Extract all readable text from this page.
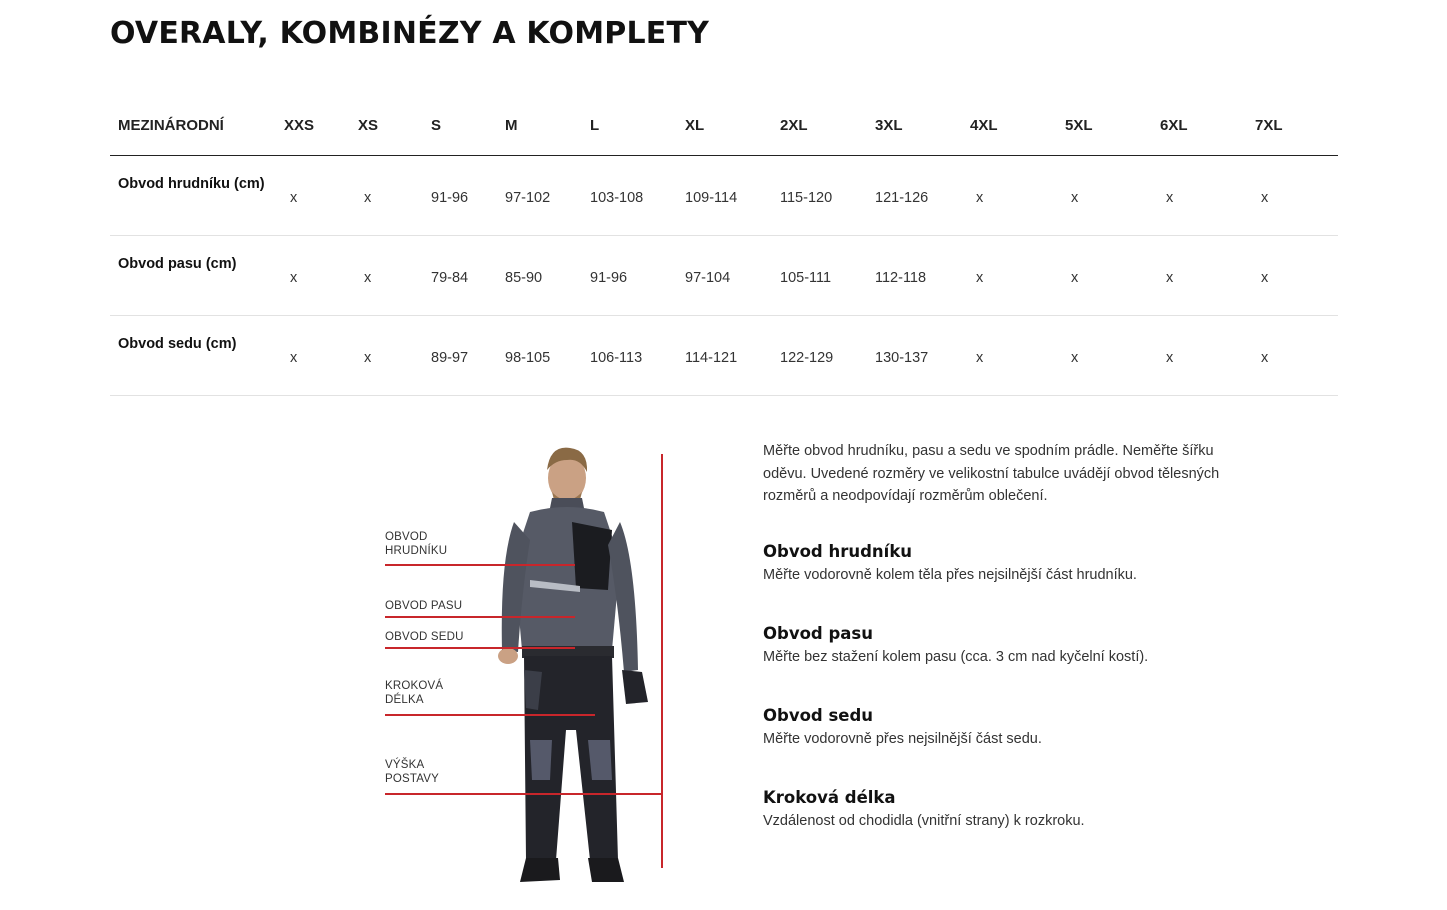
OVERALY, KOMBINÉZY A KOMPLETY
MEZINÁRODNÍ	XXS	XS	S	M	L	XL	2XL	3XL	4XL	5XL	6XL	7XL
Obvod hrudníku (cm)	x	x	91-96	97-102	103-108	109-114	115-120	121-126	x	x	x	x
Obvod pasu (cm)	x	x	79-84	85-90	91-96	97-104	105-111	112-118	x	x	x	x
Obvod sedu (cm)	x	x	89-97	98-105	106-113	114-121	122-129	130-137	x	x	x	x
OBVOD
HRUDNÍKU
OBVOD PASU
OBVOD SEDU
KROKOVÁ
DÉLKA
VÝŠKA
POSTAVY

Měřte obvod hrudníku, pasu a sedu ve spodním prádle. Neměřte šířku oděvu. Uvedené rozměry ve velikostní tabulce uvádějí obvod tělesných rozměrů a neodpovídají rozměrům oblečení.

Obvod hrudníku

Měřte vodorovně kolem těla přes nejsilnější část hrudníku.

Obvod pasu

Měřte bez stažení kolem pasu (cca. 3 cm nad kyčelní kostí).

Obvod sedu

Měřte vodorovně přes nejsilnější část sedu.

Kroková délka

Vzdálenost od chodidla (vnitřní strany) k rozkroku.
